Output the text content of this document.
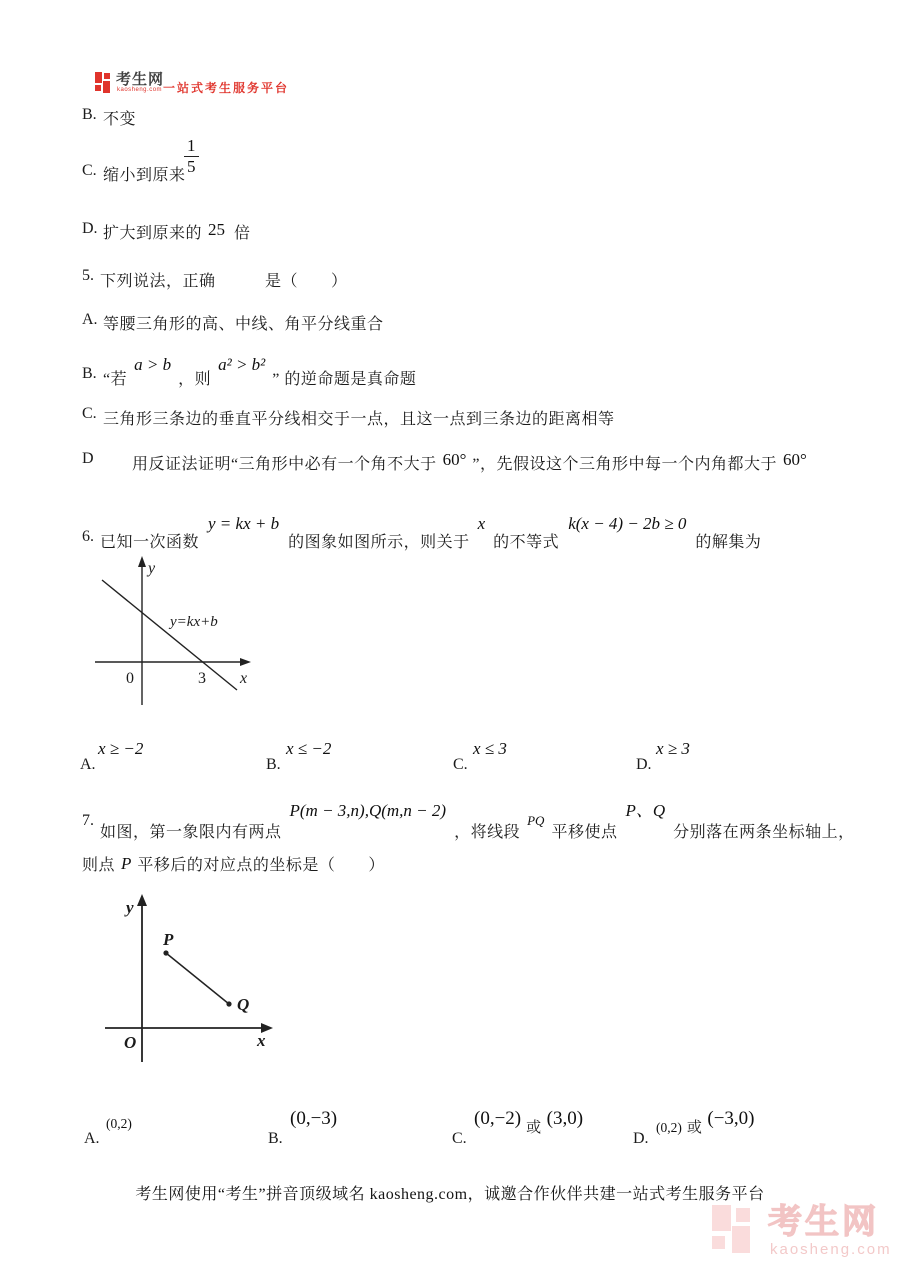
考生网
kaosheng.com 一站式考生服务平台
B. 不变
C. 缩小到原来
$\frac{1}{5}$
D. 扩大到原来的 25 倍
5. 下列说法，正确　　　是（　　）
A. 等腰三角形的高、中线、角平分线重合
B. “若 a > b ，则 a² > b² ” 的逆命题是真命题
C. 三角形三条边的垂直平分线相交于一点，且这一点到三条边的距离相等
D 用反证法证明“三角形中必有一个角不大于 60° ”，先假设这个三角形中每一个内角都大于 60°
6. 已知一次函数 y = kx + b 的图象如图所示，则关于 x 的不等式 k(x − 4) − 2b ≥ 0 的解集为
y
x
0	3
y=kx+b
A.
x ≥ −2
B.
x ≤ −2
C.
x ≤ 3
D.
x ≥ 3
7.
如图，第一象限内有两点 P(m − 3,n),Q(m,n − 2) ，将线段 PQ 平移使点 P、Q 分别落在两条坐标轴上，
则点 P 平移后的对应点的坐标是（　　）
P
Q
y
O	x
A.
(0,2)
B.
(0,−3)
C.
(0,−2) 或 (3,0)
D.
(0,2) 或 (−3,0)
考生网使用“考生”拼音顶级域名 kaosheng.com，诚邀合作伙伴共建一站式考生服务平台
考生网
kaosheng.com
